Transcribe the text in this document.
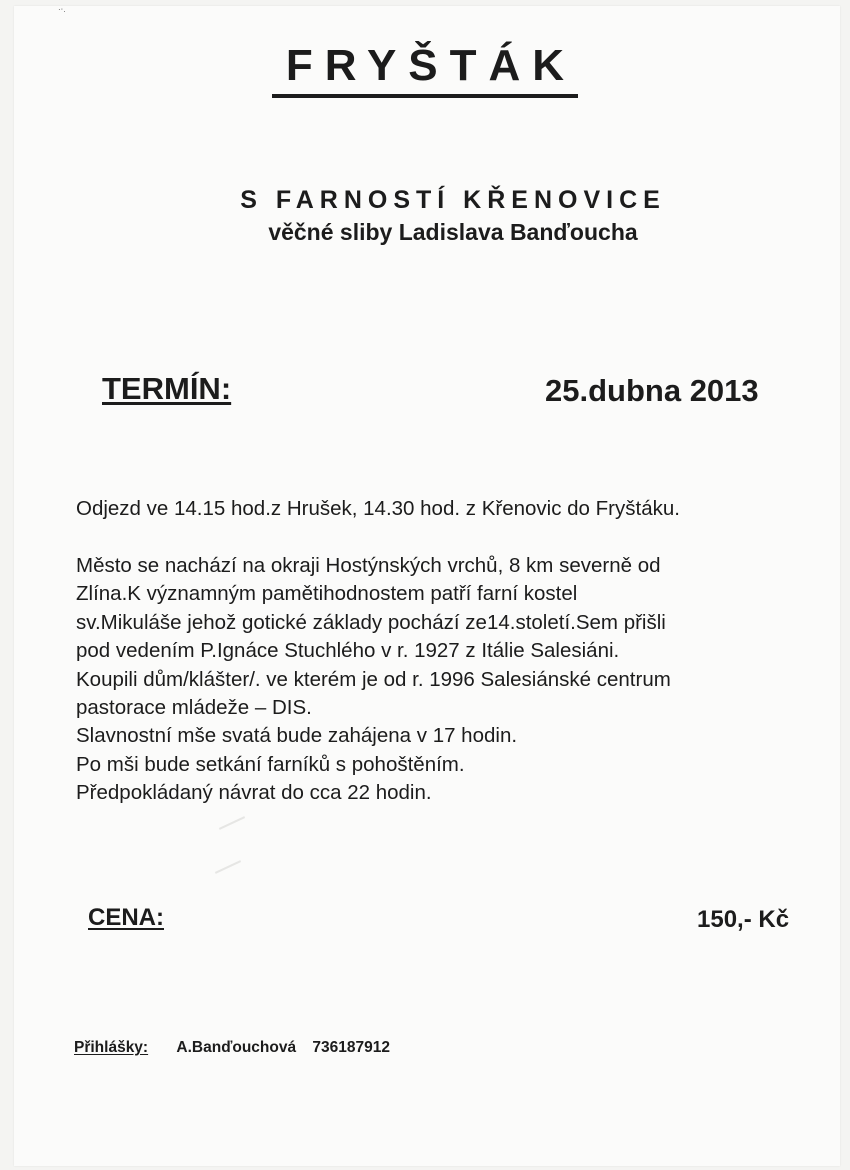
·‧.
FRYŠTÁK
S FARNOSTÍ KŘENOVICE
věčné sliby Ladislava Banďoucha
TERMÍN:	25.dubna 2013
Odjezd ve 14.15 hod.z Hrušek, 14.30 hod. z Křenovic do Fryštáku.
Město se nachází na okraji Hostýnských vrchů, 8 km severně od
Zlína.K významným pamětihodnostem patří farní kostel
sv.Mikuláše jehož gotické základy pochází ze14.století.Sem přišli
pod vedením P.Ignáce Stuchlého v r. 1927 z Itálie Salesiáni.
Koupili dům/klášter/. ve kterém je od r. 1996 Salesiánské centrum
pastorace mládeže – DIS.
Slavnostní mše svatá bude zahájena v 17 hodin.
Po mši bude setkání farníků s pohoštěním.
Předpokládaný návrat do cca 22 hodin.
CENA:	150,- Kč
Přihlášky: A.Banďouchová 736187912
